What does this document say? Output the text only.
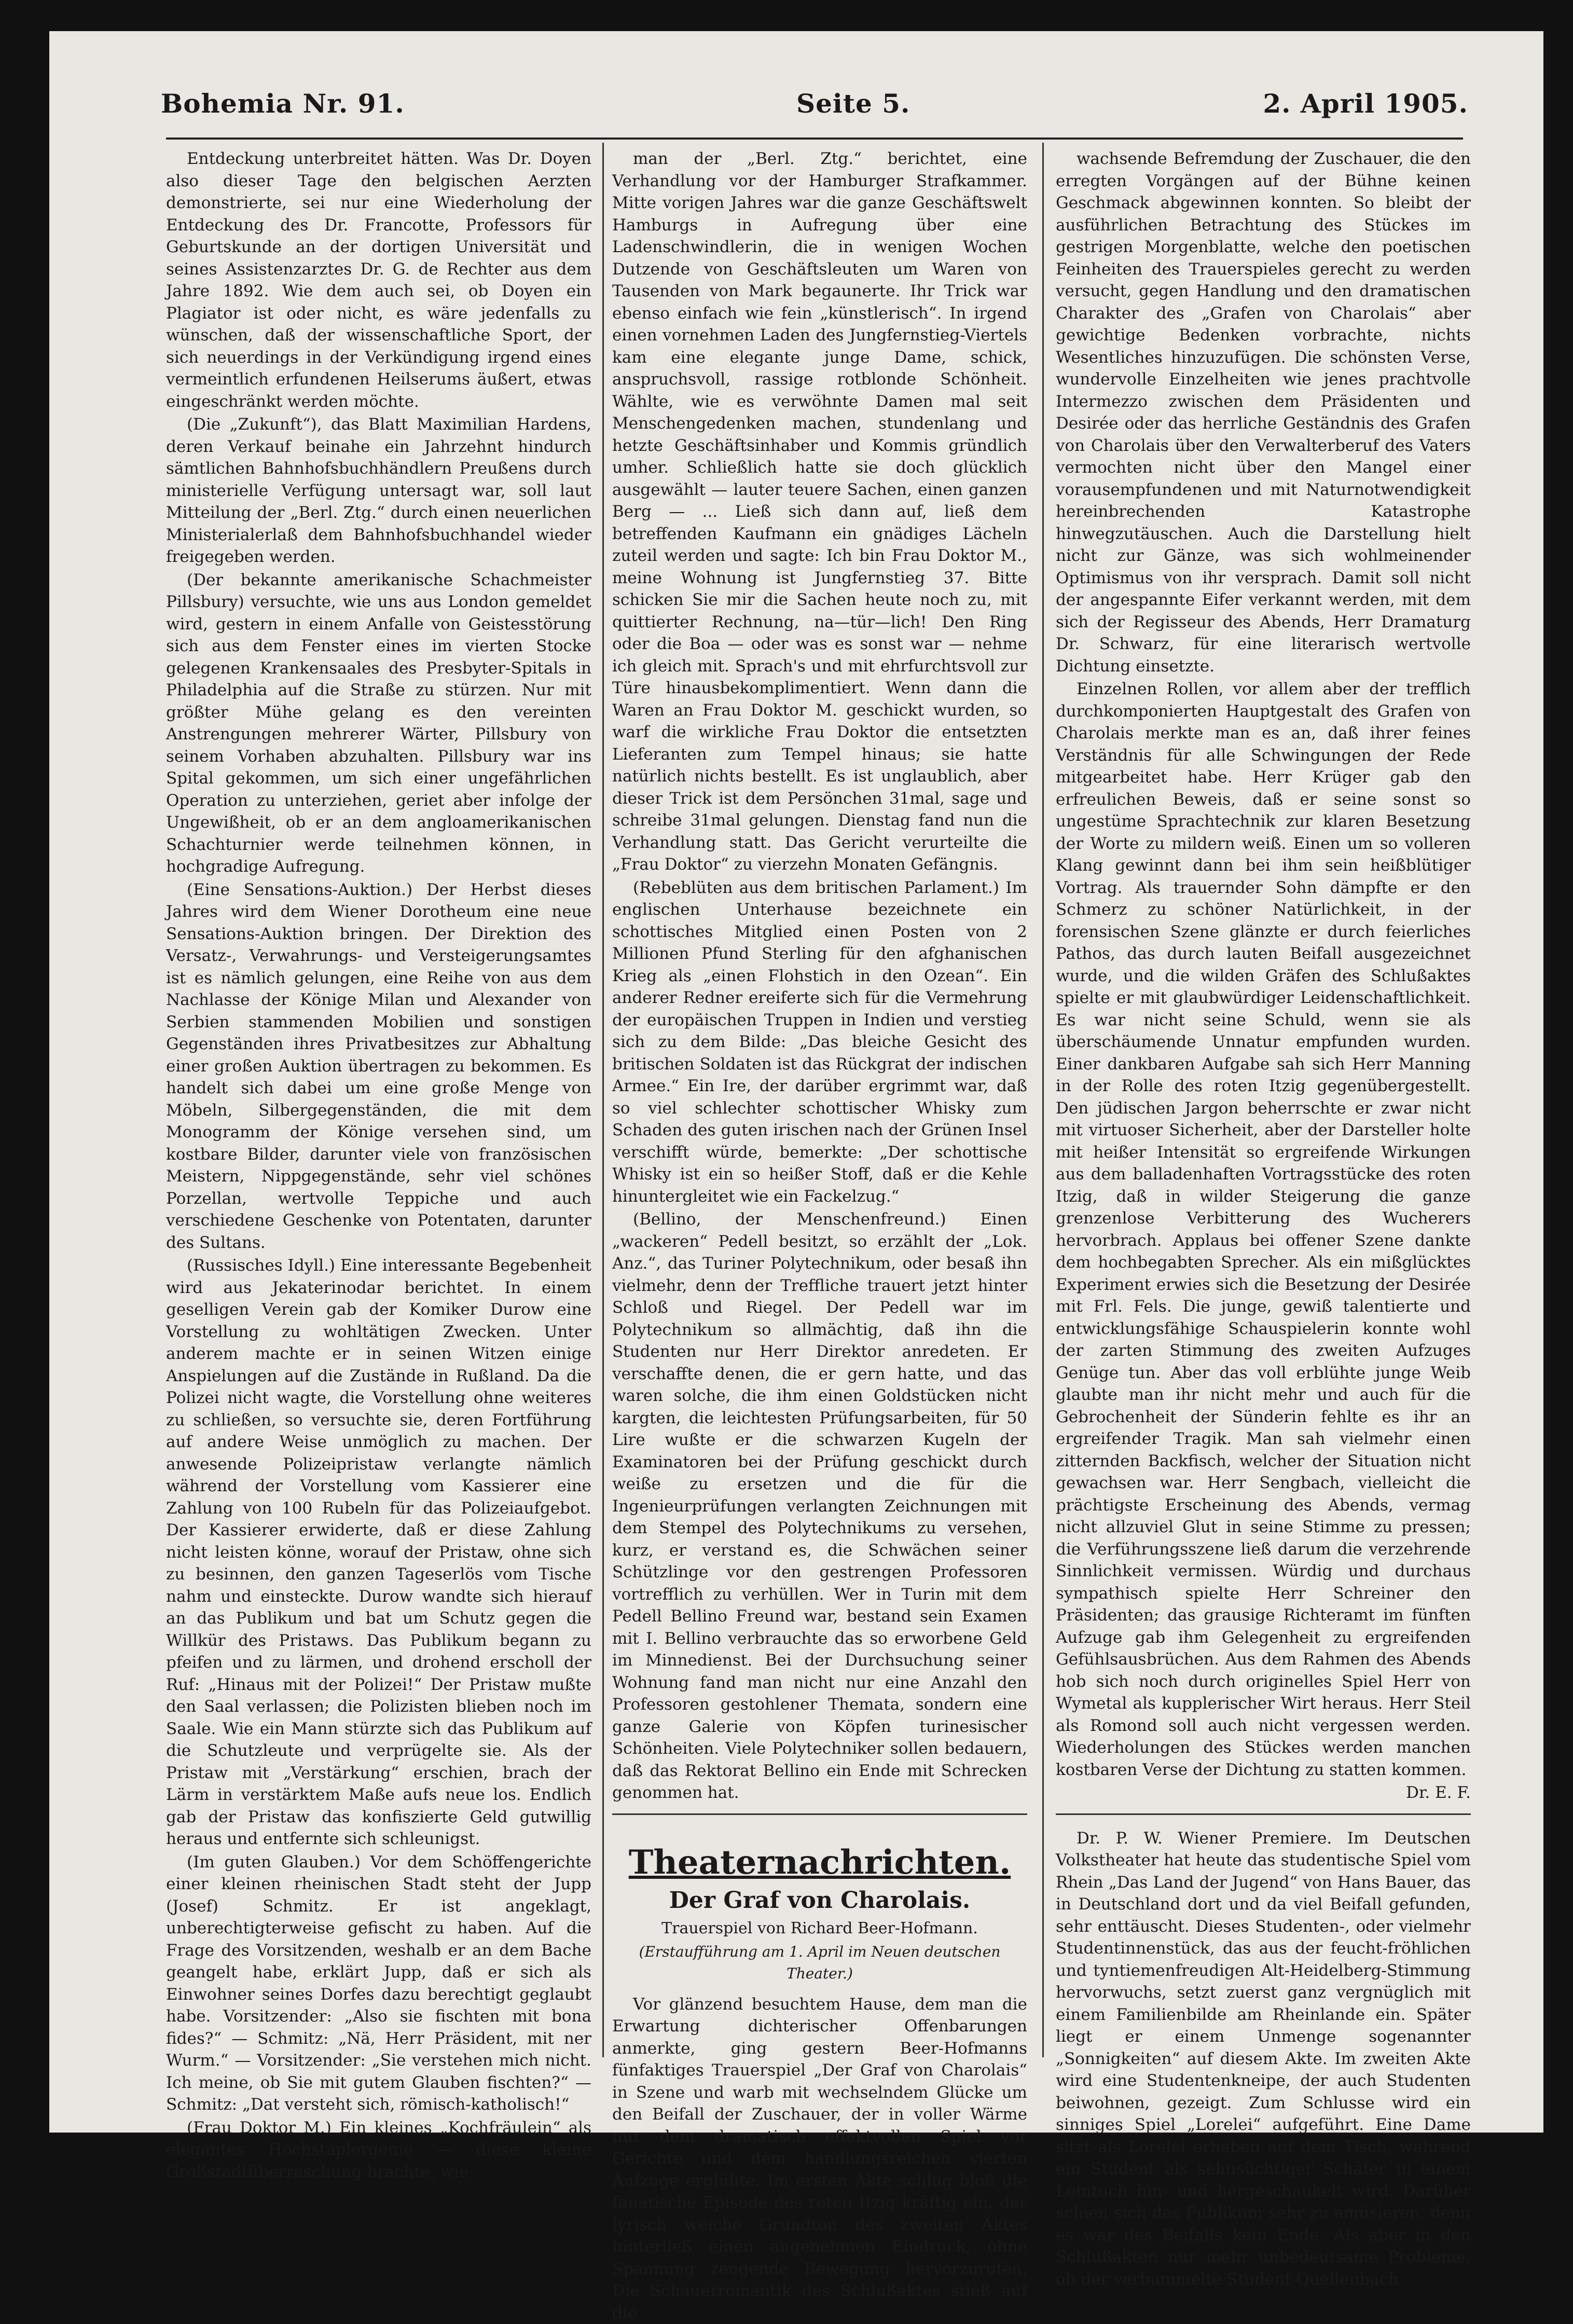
Bohemia Nr. 91.	Seite 5.	2. April 1905.

Entdeckung unterbreitet hätten. Was Dr. Doyen also dieser Tage den belgischen Aerzten demonstrierte, sei nur eine Wiederholung der Entdeckung des Dr. Francotte, Professors für Geburtskunde an der dortigen Universität und seines Assistenzarztes Dr. G. de Rechter aus dem Jahre 1892. Wie dem auch sei, ob Doyen ein Plagiator ist oder nicht, es wäre jedenfalls zu wünschen, daß der wissenschaftliche Sport, der sich neuerdings in der Verkündigung irgend eines vermeintlich erfundenen Heilserums äußert, etwas eingeschränkt werden möchte.

(Die „Zukunft“), das Blatt Maximilian Hardens, deren Verkauf beinahe ein Jahrzehnt hindurch sämtlichen Bahnhofsbuchhändlern Preußens durch ministerielle Verfügung untersagt war, soll laut Mitteilung der „Berl. Ztg.“ durch einen neuerlichen Ministerialerlaß dem Bahnhofsbuchhandel wieder freigegeben werden.

(Der bekannte amerikanische Schachmeister Pillsbury) versuchte, wie uns aus London gemeldet wird, gestern in einem Anfalle von Geistesstörung sich aus dem Fenster eines im vierten Stocke gelegenen Krankensaales des Presbyter-Spitals in Philadelphia auf die Straße zu stürzen. Nur mit größter Mühe gelang es den vereinten Anstrengungen mehrerer Wärter, Pillsbury von seinem Vorhaben abzuhalten. Pillsbury war ins Spital gekommen, um sich einer ungefährlichen Operation zu unterziehen, geriet aber infolge der Ungewißheit, ob er an dem angloamerikanischen Schachturnier werde teilnehmen können, in hochgradige Aufregung.

(Eine Sensations-Auktion.) Der Herbst dieses Jahres wird dem Wiener Dorotheum eine neue Sensations-Auktion bringen. Der Direktion des Versatz-, Verwahrungs- und Versteigerungsamtes ist es nämlich gelungen, eine Reihe von aus dem Nachlasse der Könige Milan und Alexander von Serbien stammenden Mobilien und sonstigen Gegenständen ihres Privatbesitzes zur Abhaltung einer großen Auktion übertragen zu bekommen. Es handelt sich dabei um eine große Menge von Möbeln, Silbergegenständen, die mit dem Monogramm der Könige versehen sind, um kostbare Bilder, darunter viele von französischen Meistern, Nippgegenstände, sehr viel schönes Porzellan, wertvolle Teppiche und auch verschiedene Geschenke von Potentaten, darunter des Sultans.

(Russisches Idyll.) Eine interessante Begebenheit wird aus Jekaterinodar berichtet. In einem geselligen Verein gab der Komiker Durow eine Vorstellung zu wohltätigen Zwecken. Unter anderem machte er in seinen Witzen einige Anspielungen auf die Zustände in Rußland. Da die Polizei nicht wagte, die Vorstellung ohne weiteres zu schließen, so versuchte sie, deren Fortführung auf andere Weise unmöglich zu machen. Der anwesende Polizeipristaw verlangte nämlich während der Vorstellung vom Kassierer eine Zahlung von 100 Rubeln für das Polizeiaufgebot. Der Kassierer erwiderte, daß er diese Zahlung nicht leisten könne, worauf der Pristaw, ohne sich zu besinnen, den ganzen Tageserlös vom Tische nahm und einsteckte. Durow wandte sich hierauf an das Publikum und bat um Schutz gegen die Willkür des Pristaws. Das Publikum begann zu pfeifen und zu lärmen, und drohend erscholl der Ruf: „Hinaus mit der Polizei!“ Der Pristaw mußte den Saal verlassen; die Polizisten blieben noch im Saale. Wie ein Mann stürzte sich das Publikum auf die Schutzleute und verprügelte sie. Als der Pristaw mit „Verstärkung“ erschien, brach der Lärm in verstärktem Maße aufs neue los. Endlich gab der Pristaw das konfiszierte Geld gutwillig heraus und entfernte sich schleunigst.

(Im guten Glauben.) Vor dem Schöffengerichte einer kleinen rheinischen Stadt steht der Jupp (Josef) Schmitz. Er ist angeklagt, unberechtigterweise gefischt zu haben. Auf die Frage des Vorsitzenden, weshalb er an dem Bache geangelt habe, erklärt Jupp, daß er sich als Einwohner seines Dorfes dazu berechtigt geglaubt habe. Vorsitzender: „Also sie fischten mit bona fides?“ — Schmitz: „Nä, Herr Präsident, mit ner Wurm.“ — Vorsitzender: „Sie verstehen mich nicht. Ich meine, ob Sie mit gutem Glauben fischten?“ — Schmitz: „Dat versteht sich, römisch-katholisch!“

(Frau Doktor M.) Ein kleines „Kochfräulein“ als elegantes Hochstaplergenie — diese kleine Großstadtüberraschung brachte, wie

man der „Berl. Ztg.“ berichtet, eine Verhandlung vor der Hamburger Strafkammer. Mitte vorigen Jahres war die ganze Geschäftswelt Hamburgs in Aufregung über eine Ladenschwindlerin, die in wenigen Wochen Dutzende von Geschäftsleuten um Waren von Tausenden von Mark begaunerte. Ihr Trick war ebenso einfach wie fein „künstlerisch“. In irgend einen vornehmen Laden des Jungfernstieg-Viertels kam eine elegante junge Dame, schick, anspruchsvoll, rassige rotblonde Schönheit. Wählte, wie es verwöhnte Damen mal seit Menschengedenken machen, stundenlang und hetzte Geschäftsinhaber und Kommis gründlich umher. Schließlich hatte sie doch glücklich ausgewählt — lauter teuere Sachen, einen ganzen Berg — ... Ließ sich dann auf, ließ dem betreffenden Kaufmann ein gnädiges Lächeln zuteil werden und sagte: Ich bin Frau Doktor M., meine Wohnung ist Jungfernstieg 37. Bitte schicken Sie mir die Sachen heute noch zu, mit quittierter Rechnung, na—tür—lich! Den Ring oder die Boa — oder was es sonst war — nehme ich gleich mit. Sprach's und mit ehrfurchtsvoll zur Türe hinausbekomplimentiert. Wenn dann die Waren an Frau Doktor M. geschickt wurden, so warf die wirkliche Frau Doktor die entsetzten Lieferanten zum Tempel hinaus; sie hatte natürlich nichts bestellt. Es ist unglaublich, aber dieser Trick ist dem Persönchen 31mal, sage und schreibe 31mal gelungen. Dienstag fand nun die Verhandlung statt. Das Gericht verurteilte die „Frau Doktor“ zu vierzehn Monaten Gefängnis.

(Rebeblüten aus dem britischen Parlament.) Im englischen Unterhause bezeichnete ein schottisches Mitglied einen Posten von 2 Millionen Pfund Sterling für den afghanischen Krieg als „einen Flohstich in den Ozean“. Ein anderer Redner ereiferte sich für die Vermehrung der europäischen Truppen in Indien und verstieg sich zu dem Bilde: „Das bleiche Gesicht des britischen Soldaten ist das Rückgrat der indischen Armee.“ Ein Ire, der darüber ergrimmt war, daß so viel schlechter schottischer Whisky zum Schaden des guten irischen nach der Grünen Insel verschifft würde, bemerkte: „Der schottische Whisky ist ein so heißer Stoff, daß er die Kehle hinuntergleitet wie ein Fackelzug.“

(Bellino, der Menschenfreund.) Einen „wackeren“ Pedell besitzt, so erzählt der „Lok. Anz.“, das Turiner Polytechnikum, oder besaß ihn vielmehr, denn der Treffliche trauert jetzt hinter Schloß und Riegel. Der Pedell war im Polytechnikum so allmächtig, daß ihn die Studenten nur Herr Direktor anredeten. Er verschaffte denen, die er gern hatte, und das waren solche, die ihm einen Goldstücken nicht kargten, die leichtesten Prüfungsarbeiten, für 50 Lire wußte er die schwarzen Kugeln der Examinatoren bei der Prüfung geschickt durch weiße zu ersetzen und die für die Ingenieurprüfungen verlangten Zeichnungen mit dem Stempel des Polytechnikums zu versehen, kurz, er verstand es, die Schwächen seiner Schützlinge vor den gestrengen Professoren vortrefflich zu verhüllen. Wer in Turin mit dem Pedell Bellino Freund war, bestand sein Examen mit I. Bellino verbrauchte das so erworbene Geld im Minnedienst. Bei der Durchsuchung seiner Wohnung fand man nicht nur eine Anzahl den Professoren gestohlener Themata, sondern eine ganze Galerie von Köpfen turinesischer Schönheiten. Viele Polytechniker sollen bedauern, daß das Rektorat Bellino ein Ende mit Schrecken genommen hat.

Theaternachrichten.

Der Graf von Charolais.

Trauerspiel von Richard Beer-Hofmann.

(Erstaufführung am 1. April im Neuen deutschen Theater.)

Vor glänzend besuchtem Hause, dem man die Erwartung dichterischer Offenbarungen anmerkte, ging gestern Beer-Hofmanns fünfaktiges Trauerspiel „Der Graf von Charolais“ in Szene und warb mit wechselndem Glücke um den Beifall der Zuschauer, der in voller Wärme nur dem dramatisch effektvollen Spiel vor Gerichte und dem handlungsreichen vierten Aufzuge erglühte. Im ersten Akte schlug bloß die fanatische Episode des roten Itzig kräftig ein, der lyrisch weiche Grundton des zweiten Aktes hinterließ einen angenehmen Eindruck, ohne Spannung zeugende Bewegung hervorzurufen. Die Schauerromantik des Schlußaktes stieß auf die

wachsende Befremdung der Zuschauer, die den erregten Vorgängen auf der Bühne keinen Geschmack abgewinnen konnten. So bleibt der ausführlichen Betrachtung des Stückes im gestrigen Morgenblatte, welche den poetischen Feinheiten des Trauerspieles gerecht zu werden versucht, gegen Handlung und den dramatischen Charakter des „Grafen von Charolais“ aber gewichtige Bedenken vorbrachte, nichts Wesentliches hinzuzufügen. Die schönsten Verse, wundervolle Einzelheiten wie jenes prachtvolle Intermezzo zwischen dem Präsidenten und Desirée oder das herrliche Geständnis des Grafen von Charolais über den Verwalterberuf des Vaters vermochten nicht über den Mangel einer vorausempfundenen und mit Naturnotwendigkeit hereinbrechenden Katastrophe hinwegzutäuschen. Auch die Darstellung hielt nicht zur Gänze, was sich wohlmeinender Optimismus von ihr versprach. Damit soll nicht der angespannte Eifer verkannt werden, mit dem sich der Regisseur des Abends, Herr Dramaturg Dr. Schwarz, für eine literarisch wertvolle Dichtung einsetzte.

Einzelnen Rollen, vor allem aber der trefflich durchkomponierten Hauptgestalt des Grafen von Charolais merkte man es an, daß ihrer feines Verständnis für alle Schwingungen der Rede mitgearbeitet habe. Herr Krüger gab den erfreulichen Beweis, daß er seine sonst so ungestüme Sprachtechnik zur klaren Besetzung der Worte zu mildern weiß. Einen um so volleren Klang gewinnt dann bei ihm sein heißblütiger Vortrag. Als trauernder Sohn dämpfte er den Schmerz zu schöner Natürlichkeit, in der forensischen Szene glänzte er durch feierliches Pathos, das durch lauten Beifall ausgezeichnet wurde, und die wilden Gräfen des Schlußaktes spielte er mit glaubwürdiger Leidenschaftlichkeit. Es war nicht seine Schuld, wenn sie als überschäumende Unnatur empfunden wurden. Einer dankbaren Aufgabe sah sich Herr Manning in der Rolle des roten Itzig gegenübergestellt. Den jüdischen Jargon beherrschte er zwar nicht mit virtuoser Sicherheit, aber der Darsteller holte mit heißer Intensität so ergreifende Wirkungen aus dem balladenhaften Vortragsstücke des roten Itzig, daß in wilder Steigerung die ganze grenzenlose Verbitterung des Wucherers hervorbrach. Applaus bei offener Szene dankte dem hochbegabten Sprecher. Als ein mißglücktes Experiment erwies sich die Besetzung der Desirée mit Frl. Fels. Die junge, gewiß talentierte und entwicklungsfähige Schauspielerin konnte wohl der zarten Stimmung des zweiten Aufzuges Genüge tun. Aber das voll erblühte junge Weib glaubte man ihr nicht mehr und auch für die Gebrochenheit der Sünderin fehlte es ihr an ergreifender Tragik. Man sah vielmehr einen zitternden Backfisch, welcher der Situation nicht gewachsen war. Herr Sengbach, vielleicht die prächtigste Erscheinung des Abends, vermag nicht allzuviel Glut in seine Stimme zu pressen; die Verführungsszene ließ darum die verzehrende Sinnlichkeit vermissen. Würdig und durchaus sympathisch spielte Herr Schreiner den Präsidenten; das grausige Richteramt im fünften Aufzuge gab ihm Gelegenheit zu ergreifenden Gefühlsausbrüchen. Aus dem Rahmen des Abends hob sich noch durch originelles Spiel Herr von Wymetal als kupplerischer Wirt heraus. Herr Steil als Romond soll auch nicht vergessen werden. Wiederholungen des Stückes werden manchen kostbaren Verse der Dichtung zu statten kommen.

Dr. E. F.

Dr. P. W. Wiener Premiere. Im Deutschen Volkstheater hat heute das studentische Spiel vom Rhein „Das Land der Jugend“ von Hans Bauer, das in Deutschland dort und da viel Beifall gefunden, sehr enttäuscht. Dieses Studenten-, oder vielmehr Studentinnenstück, das aus der feucht-fröhlichen und tyntiemenfreudigen Alt-Heidelberg-Stimmung hervorwuchs, setzt zuerst ganz vergnüglich mit einem Familienbilde am Rheinlande ein. Später liegt er einem Unmenge sogenannter „Sonnigkeiten“ auf diesem Akte. Im zweiten Akte wird eine Studentenkneipe, der auch Studenten beiwohnen, gezeigt. Zum Schlusse wird ein sinniges Spiel „Lorelei“ aufgeführt. Eine Dame sitzt als Lorelei erhaben auf dem Tisch, während ein Student als sehnsüchtiger Schäfer in einem Leintuch hin- und hergeschaukelt wird. Darüber schien sich das Publikum sehr zu amüsieren, denn es war des Beifalls kein Ende. Als aber in den Schlußakten nur mehr unbedeutsame Probleme, ob der verbummelte Student Quellenbach
